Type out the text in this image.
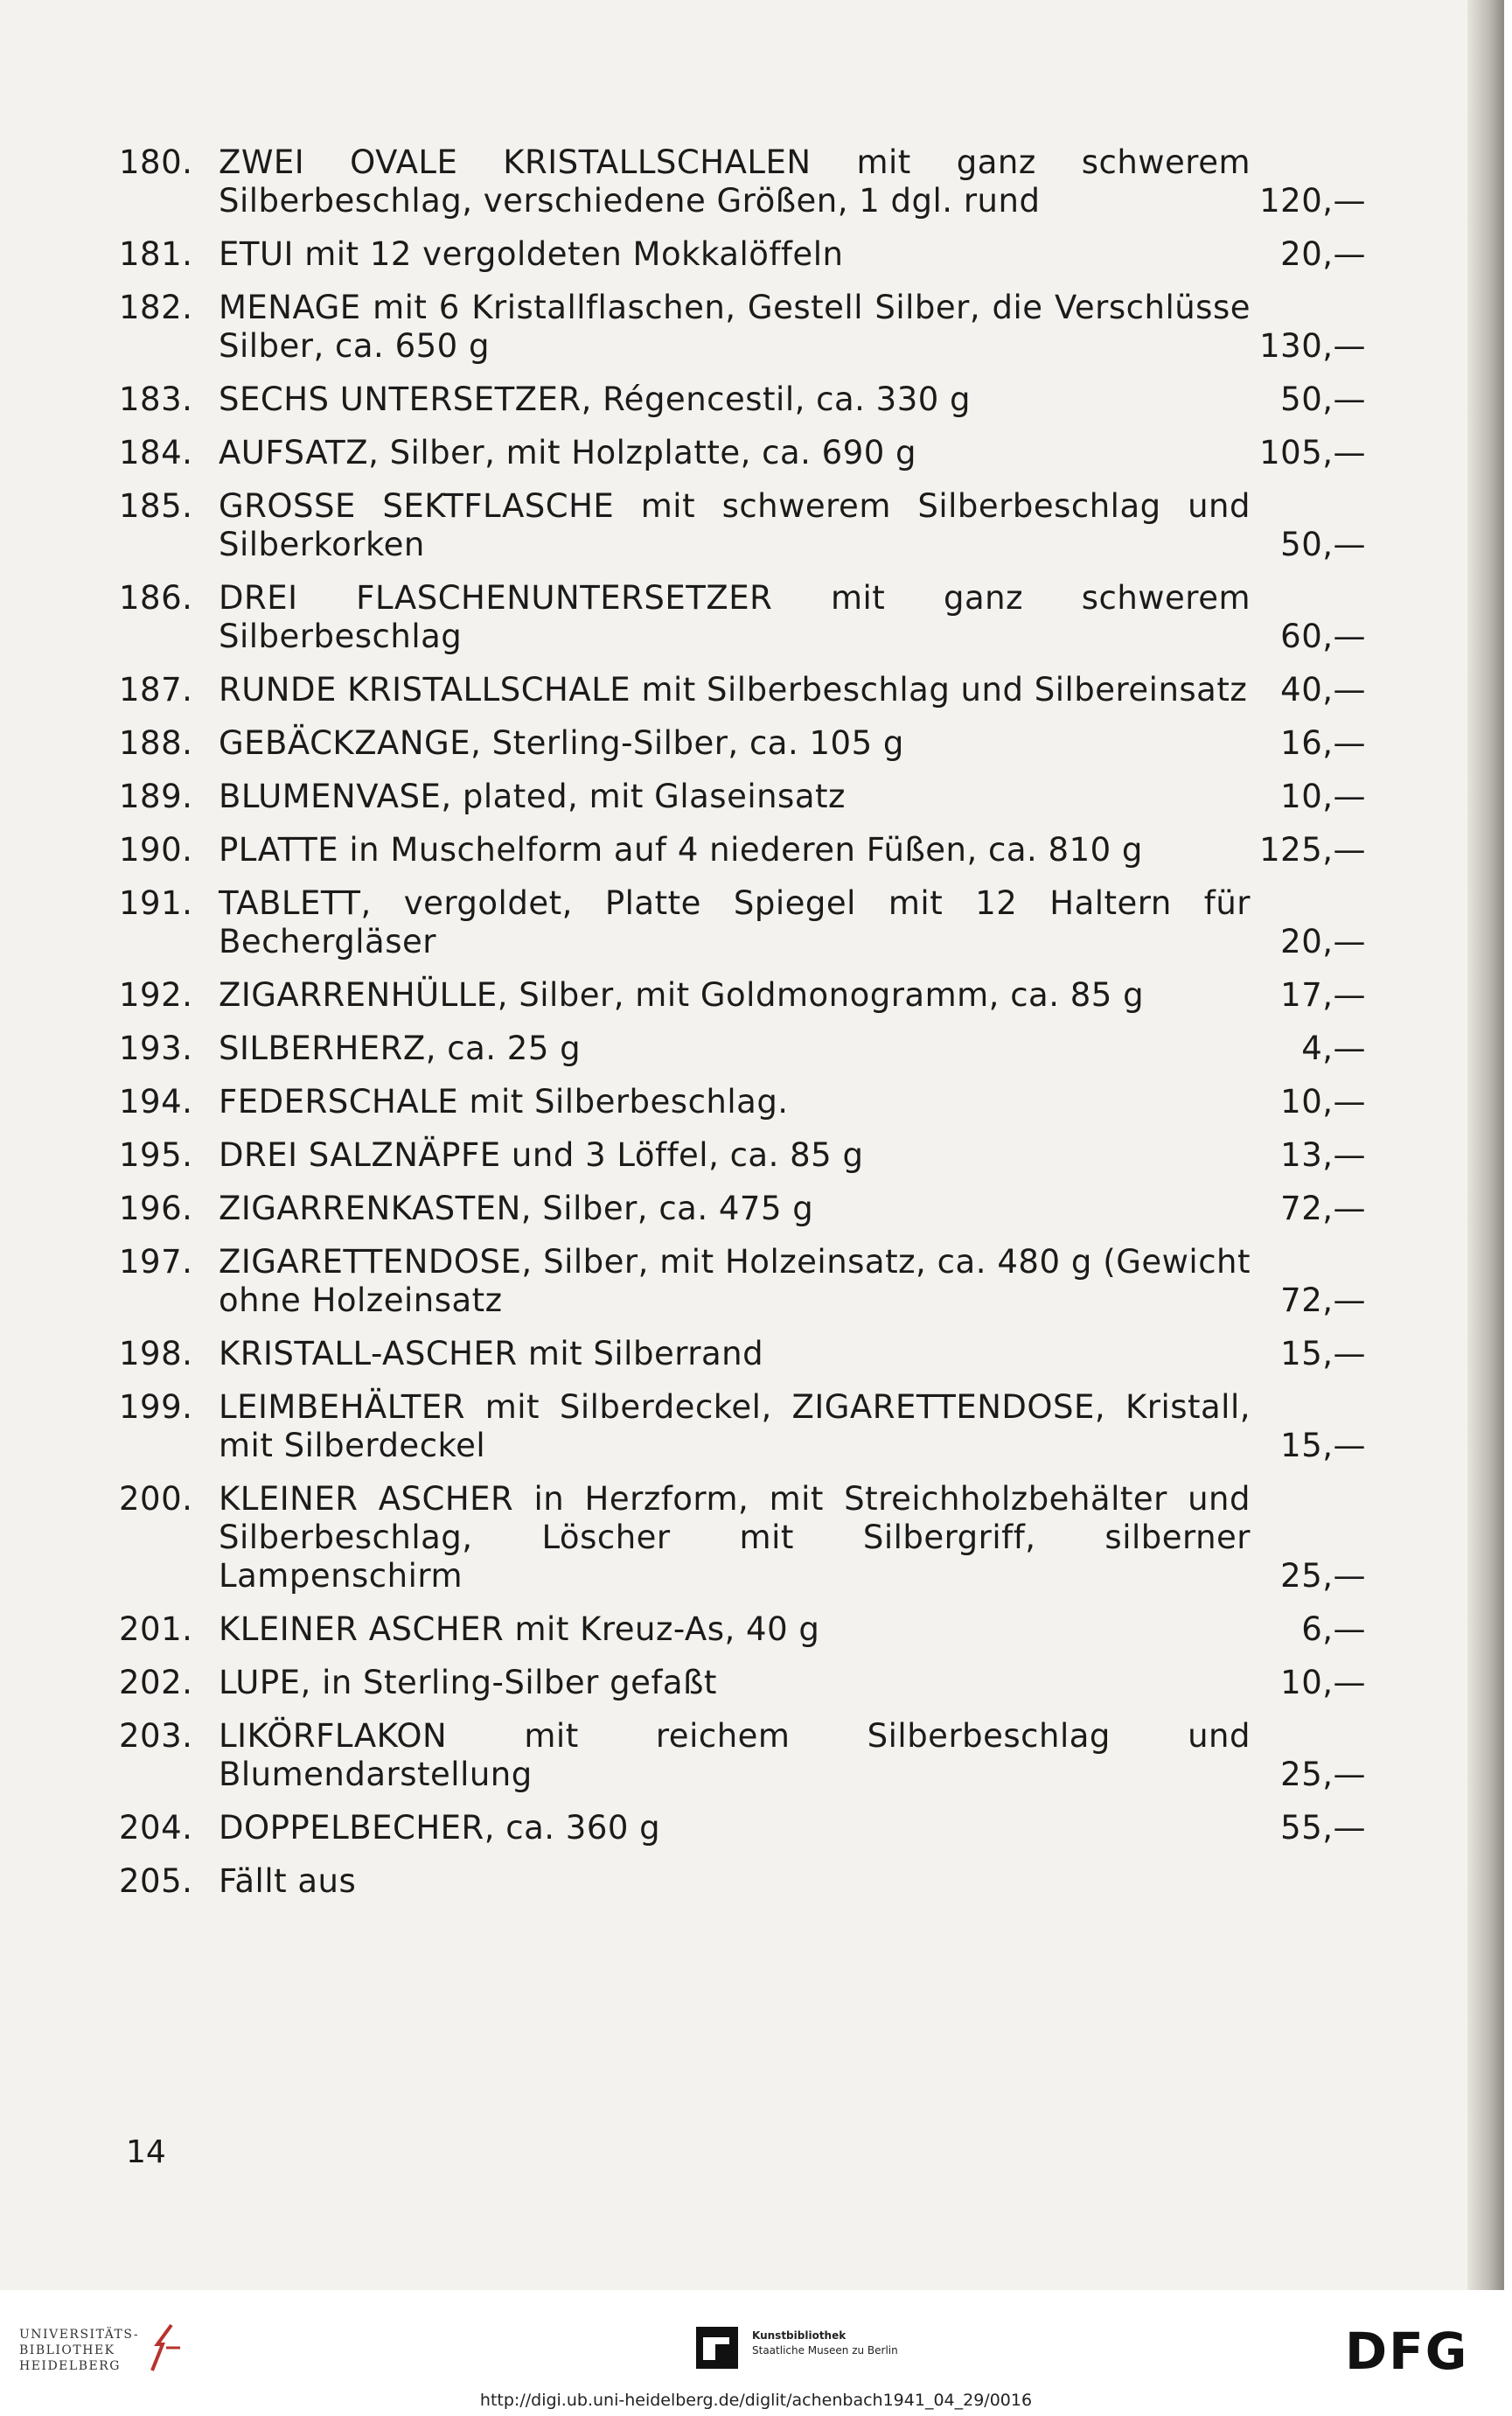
180. ZWEI OVALE KRISTALLSCHALEN mit ganz schwerem Silberbeschlag, verschiedene Größen, 1 dgl. rund	120,—
181. ETUI mit 12 vergoldeten Mokkalöffeln	20,—
182. MENAGE mit 6 Kristallflaschen, Gestell Silber, die Verschlüsse Silber, ca. 650 g	130,—
183. SECHS UNTERSETZER, Régencestil, ca. 330 g	50,—
184. AUFSATZ, Silber, mit Holzplatte, ca. 690 g	105,—
185. GROSSE SEKTFLASCHE mit schwerem Silberbeschlag und Silberkorken	50,—
186. DREI FLASCHENUNTERSETZER mit ganz schwerem Silberbeschlag	60,—
187. RUNDE KRISTALLSCHALE mit Silberbeschlag und Silbereinsatz	40,—
188. GEBÄCKZANGE, Sterling-Silber, ca. 105 g	16,—
189. BLUMENVASE, plated, mit Glaseinsatz	10,—
190. PLATTE in Muschelform auf 4 niederen Füßen, ca. 810 g	125,—
191. TABLETT, vergoldet, Platte Spiegel mit 12 Haltern für Bechergläser	20,—
192. ZIGARRENHÜLLE, Silber, mit Goldmonogramm, ca. 85 g	17,—
193. SILBERHERZ, ca. 25 g	4,—
194. FEDERSCHALE mit Silberbeschlag.	10,—
195. DREI SALZNÄPFE und 3 Löffel, ca. 85 g	13,—
196. ZIGARRENKASTEN, Silber, ca. 475 g	72,—
197. ZIGARETTENDOSE, Silber, mit Holzeinsatz, ca. 480 g (Gewicht ohne Holzeinsatz	72,—
198. KRISTALL-ASCHER mit Silberrand	15,—
199. LEIMBEHÄLTER mit Silberdeckel, ZIGARETTENDOSE, Kristall, mit Silberdeckel	15,—
200. KLEINER ASCHER in Herzform, mit Streichholzbehälter und Silberbeschlag, Löscher mit Silbergriff, silberner Lampenschirm	25,—
201. KLEINER ASCHER mit Kreuz-As, 40 g	6,—
202. LUPE, in Sterling-Silber gefaßt	10,—
203. LIKÖRFLAKON mit reichem Silberbeschlag und Blumendarstellung	25,—
204. DOPPELBECHER, ca. 360 g	55,—
205. Fällt aus
14
UNIVERSITÄTS-
BIBLIOTHEK
HEIDELBERG
Kunstbibliothek
Staatliche Museen zu Berlin	DFG
http://digi.ub.uni-heidelberg.de/diglit/achenbach1941_04_29/0016
